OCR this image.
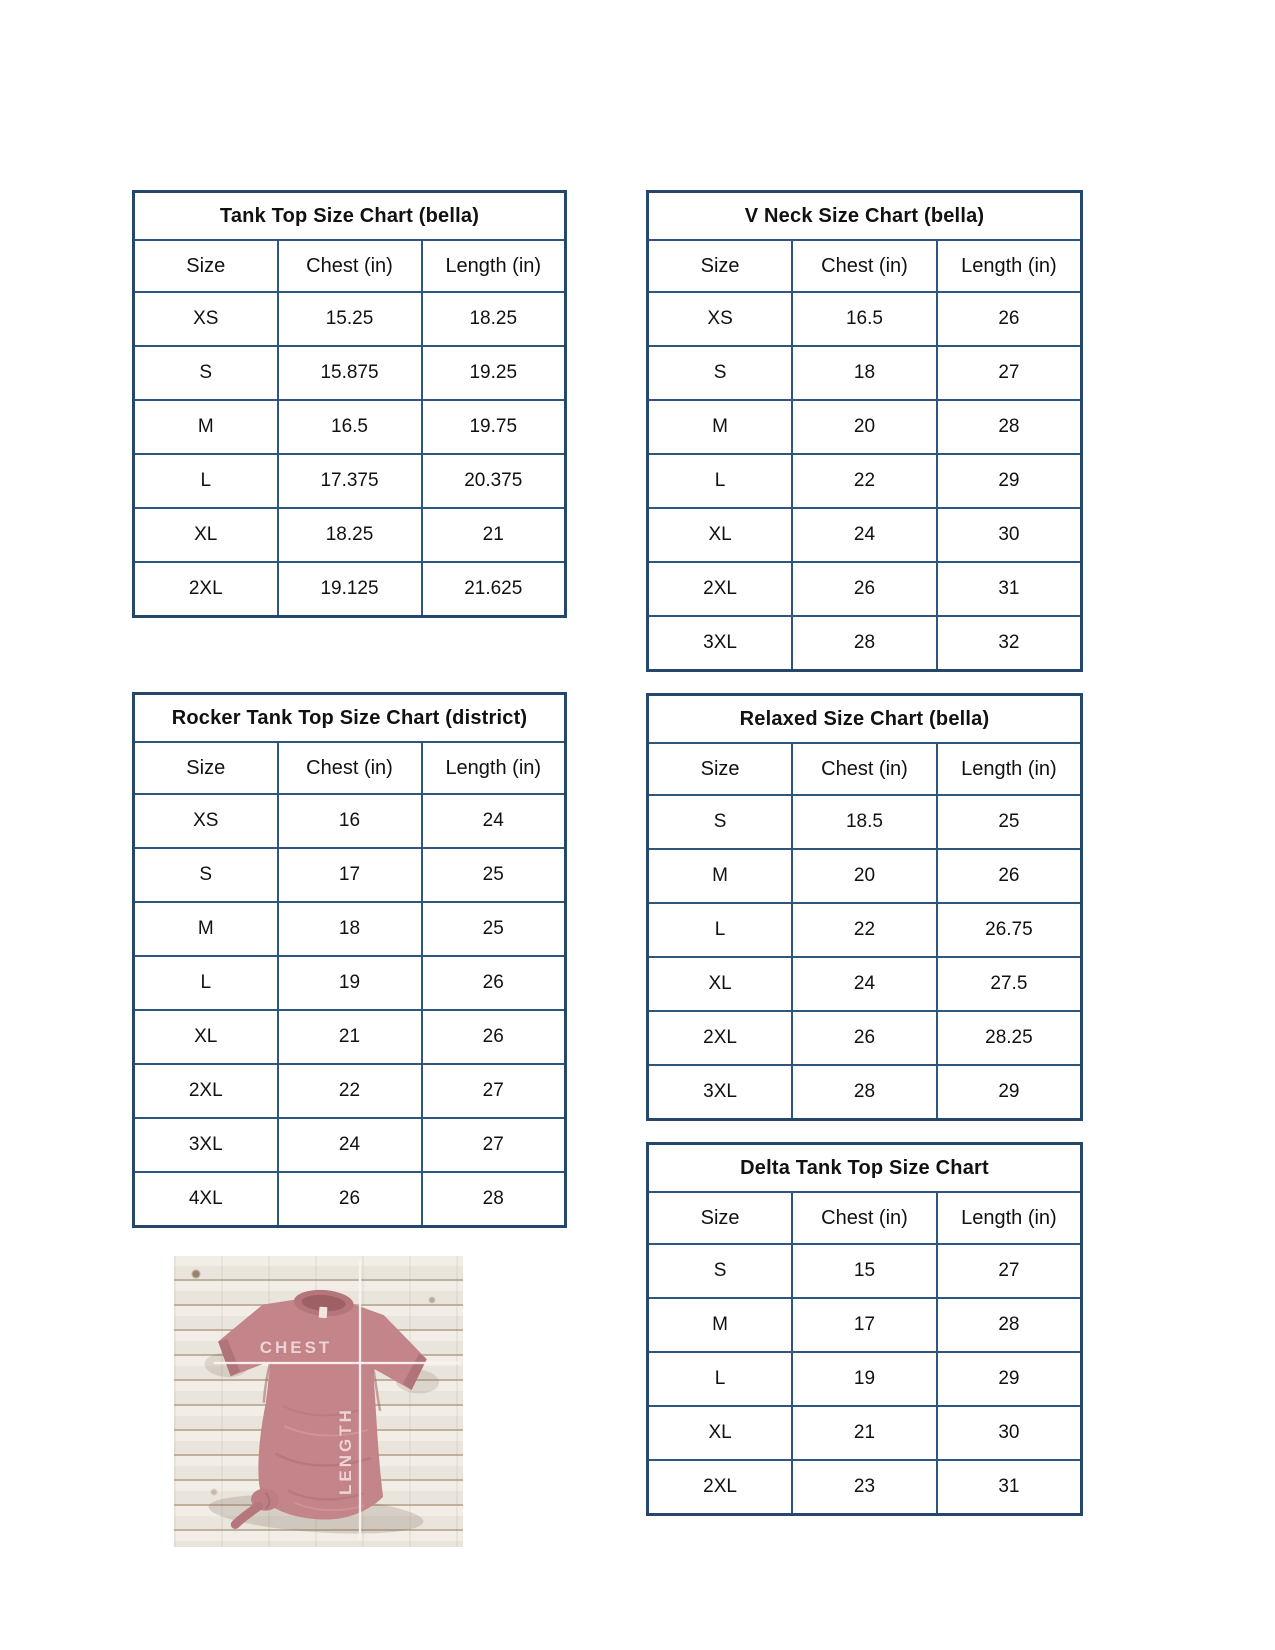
Tank Top Size Chart (bella)		
Size	Chest (in)	Length (in)
XS	15.25	18.25
S	15.875	19.25
M	16.5	19.75
L	17.375	20.375
XL	18.25	21
2XL	19.125	21.625
V Neck Size Chart (bella)		
Size	Chest (in)	Length (in)
XS	16.5	26
S	18	27
M	20	28
L	22	29
XL	24	30
2XL	26	31
3XL	28	32
Rocker Tank Top Size Chart (district)		
Size	Chest (in)	Length (in)
XS	16	24
S	17	25
M	18	25
L	19	26
XL	21	26
2XL	22	27
3XL	24	27
4XL	26	28
Relaxed Size Chart (bella)		
Size	Chest (in)	Length (in)
S	18.5	25
M	20	26
L	22	26.75
XL	24	27.5
2XL	26	28.25
3XL	28	29
Delta Tank Top Size Chart		
Size	Chest (in)	Length (in)
S	15	27
M	17	28
L	19	29
XL	21	30
2XL	23	31
CHEST
LENGTH
